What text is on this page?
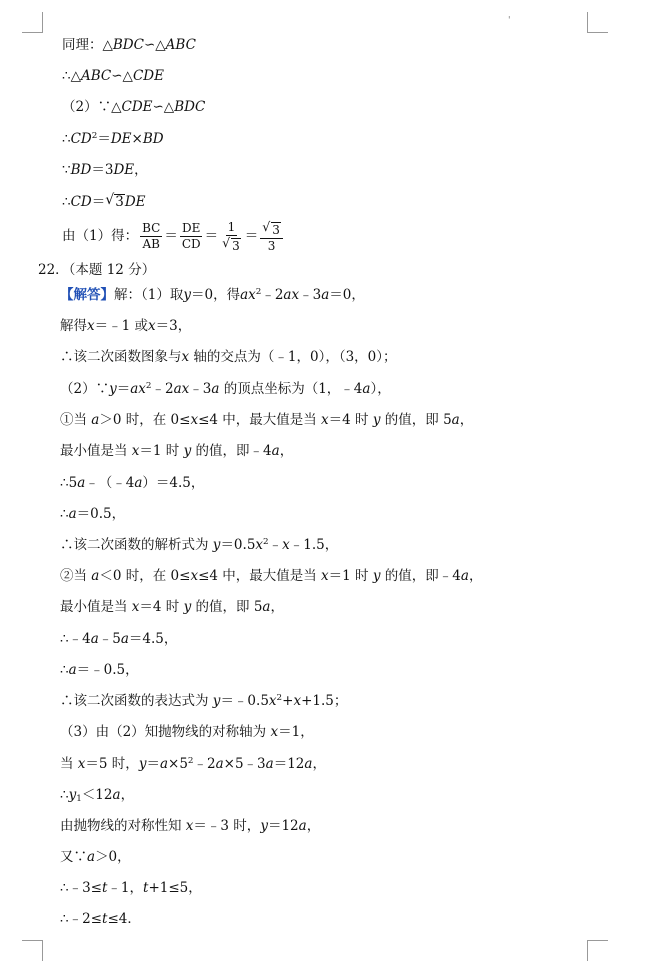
'
同理：△BDC∽△ABC
∴△ABC∽△CDE
（2）∵△CDE∽△BDC
$\therefore CD^2=DE\times BD$
∵BD＝3DE，
∴CD＝ √ 3DE
由（1）得： $\frac{BC}{AB} = \frac{DE}{CD} = 1$
√ 3 ＝ √ $\frac{3}{3}$
22．（本题 12 分）
【解答】解：（1）取y＝0，得$ax^2﹣2ax﹣3a=0$，
解得x＝﹣1 或x＝3，
∴该二次函数图象与x 轴的交点为（﹣1，0），（3，0）；
$(2)\because y=ax^2﹣2ax﹣3a$ 的顶点坐标为（1，﹣4a），
①当 a＞0 时，在 0≤x≤4 中，最大值是当 x＝4 时 y 的值，即 5a，
最小值是当 x＝1 时 y 的值，即﹣4a，
∴5a﹣（﹣4a）＝4.5，
∴a＝0.5，
∴该二次函数的解析式为 $y=0.5x^2﹣x﹣1.5$，
②当 a＜0 时，在 0≤x≤4 中，最大值是当 x＝1 时 y 的值，即﹣4a，
最小值是当 x＝4 时 y 的值，即 5a，
∴﹣4a﹣5a＝4.5，
∴a＝﹣0.5，
∴该二次函数的表达式为 $y=﹣0.5x^2+x+1.5$；
（3）由（2）知抛物线的对称轴为 x＝1，
当 x＝5 时，$y=a\times 5^2﹣2a\times 5﹣3a=12a$，
$\therefore y_1<12a$，
由抛物线的对称性知 x＝﹣3 时，y＝12a，
又∵a＞0，
∴﹣3≤t﹣1，t+1≤5，
∴﹣2≤t≤4．
